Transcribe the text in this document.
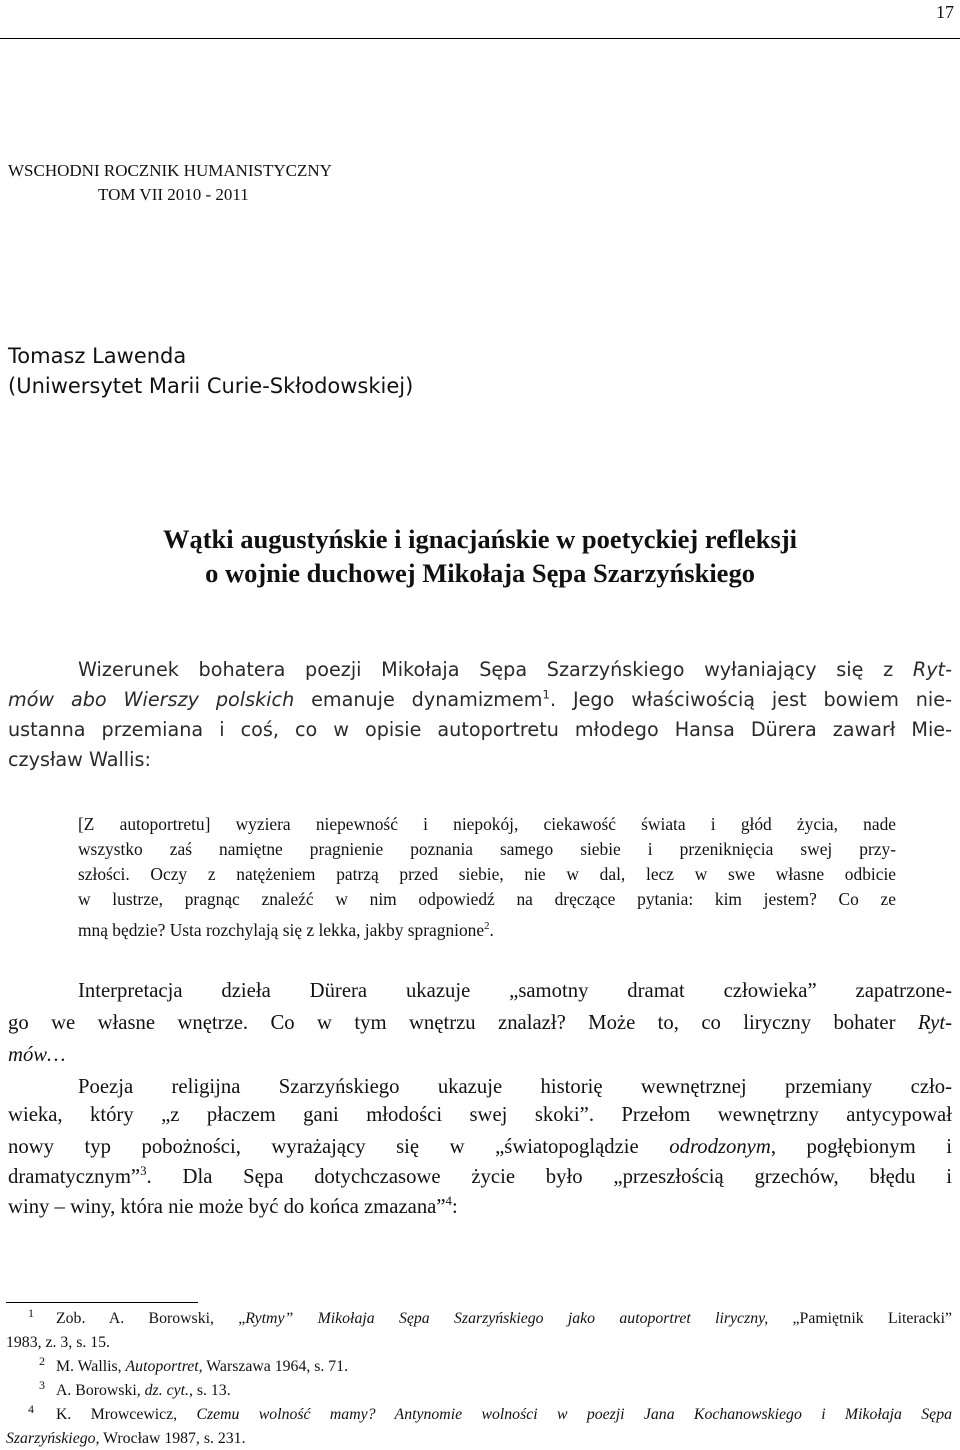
17
WSCHODNI ROCZNIK HUMANISTYCZNY
TOM VII 2010 - 2011
Tomasz Lawenda
(Uniwersytet Marii Curie-Skłodowskiej)
Wątki augustyńskie i ignacjańskie w poetyckiej refleksji
o wojnie duchowej Mikołaja Sępa Szarzyńskiego
Wizerunek bohatera poezji Mikołaja Sępa Szarzyńskiego wyłaniający się z Ryt-
mów abo Wierszy polskich emanuje dynamizmem$^1$. Jego właściwością jest bowiem nie-
ustanna przemiana i coś, co w opisie autoportretu młodego Hansa Dürera zawarł Mie-
czysław Wallis:
[Z autoportretu] wyziera niepewność i niepokój, ciekawość świata i głód życia, nade
wszystko zaś namiętne pragnienie poznania samego siebie i przeniknięcia swej przy-
szłości. Oczy z natężeniem patrzą przed siebie, nie w dal, lecz w swe własne odbicie
w lustrze, pragnąc znaleźć w nim odpowiedź na dręczące pytania: kim jestem? Co ze
mną będzie? Usta rozchylają się z lekka, jakby spragnione$^2$.
Interpretacja dzieła Dürera ukazuje „samotny dramat człowieka” zapatrzone-
go we własne wnętrze. Co w tym wnętrzu znalazł? Może to, co liryczny bohater Ryt-
mów…
Poezja religijna Szarzyńskiego ukazuje historię wewnętrznej przemiany czło-
wieka, który „z płaczem gani młodości swej skoki”. Przełom wewnętrzny antycypował
nowy typ pobożności, wyrażający się w „światopoglądzie odrodzonym, pogłębionym i
dramatycznym”$^3$. Dla Sępa dotychczasowe życie było „przeszłością grzechów, błędu i
winy – winy, która nie może być do końca zmazana”$^4$:
1 Zob. A. Borowski, „Rytmy” Mikołaja Sępa Szarzyńskiego jako autoportret liryczny, „Pamiętnik Literacki”
1983, z. 3, s. 15.
2 M. Wallis, Autoportret, Warszawa 1964, s. 71.
3 A. Borowski, dz. cyt., s. 13.
4 K. Mrowcewicz, Czemu wolność mamy? Antynomie wolności w poezji Jana Kochanowskiego i Mikołaja Sępa
Szarzyńskiego, Wrocław 1987, s. 231.
